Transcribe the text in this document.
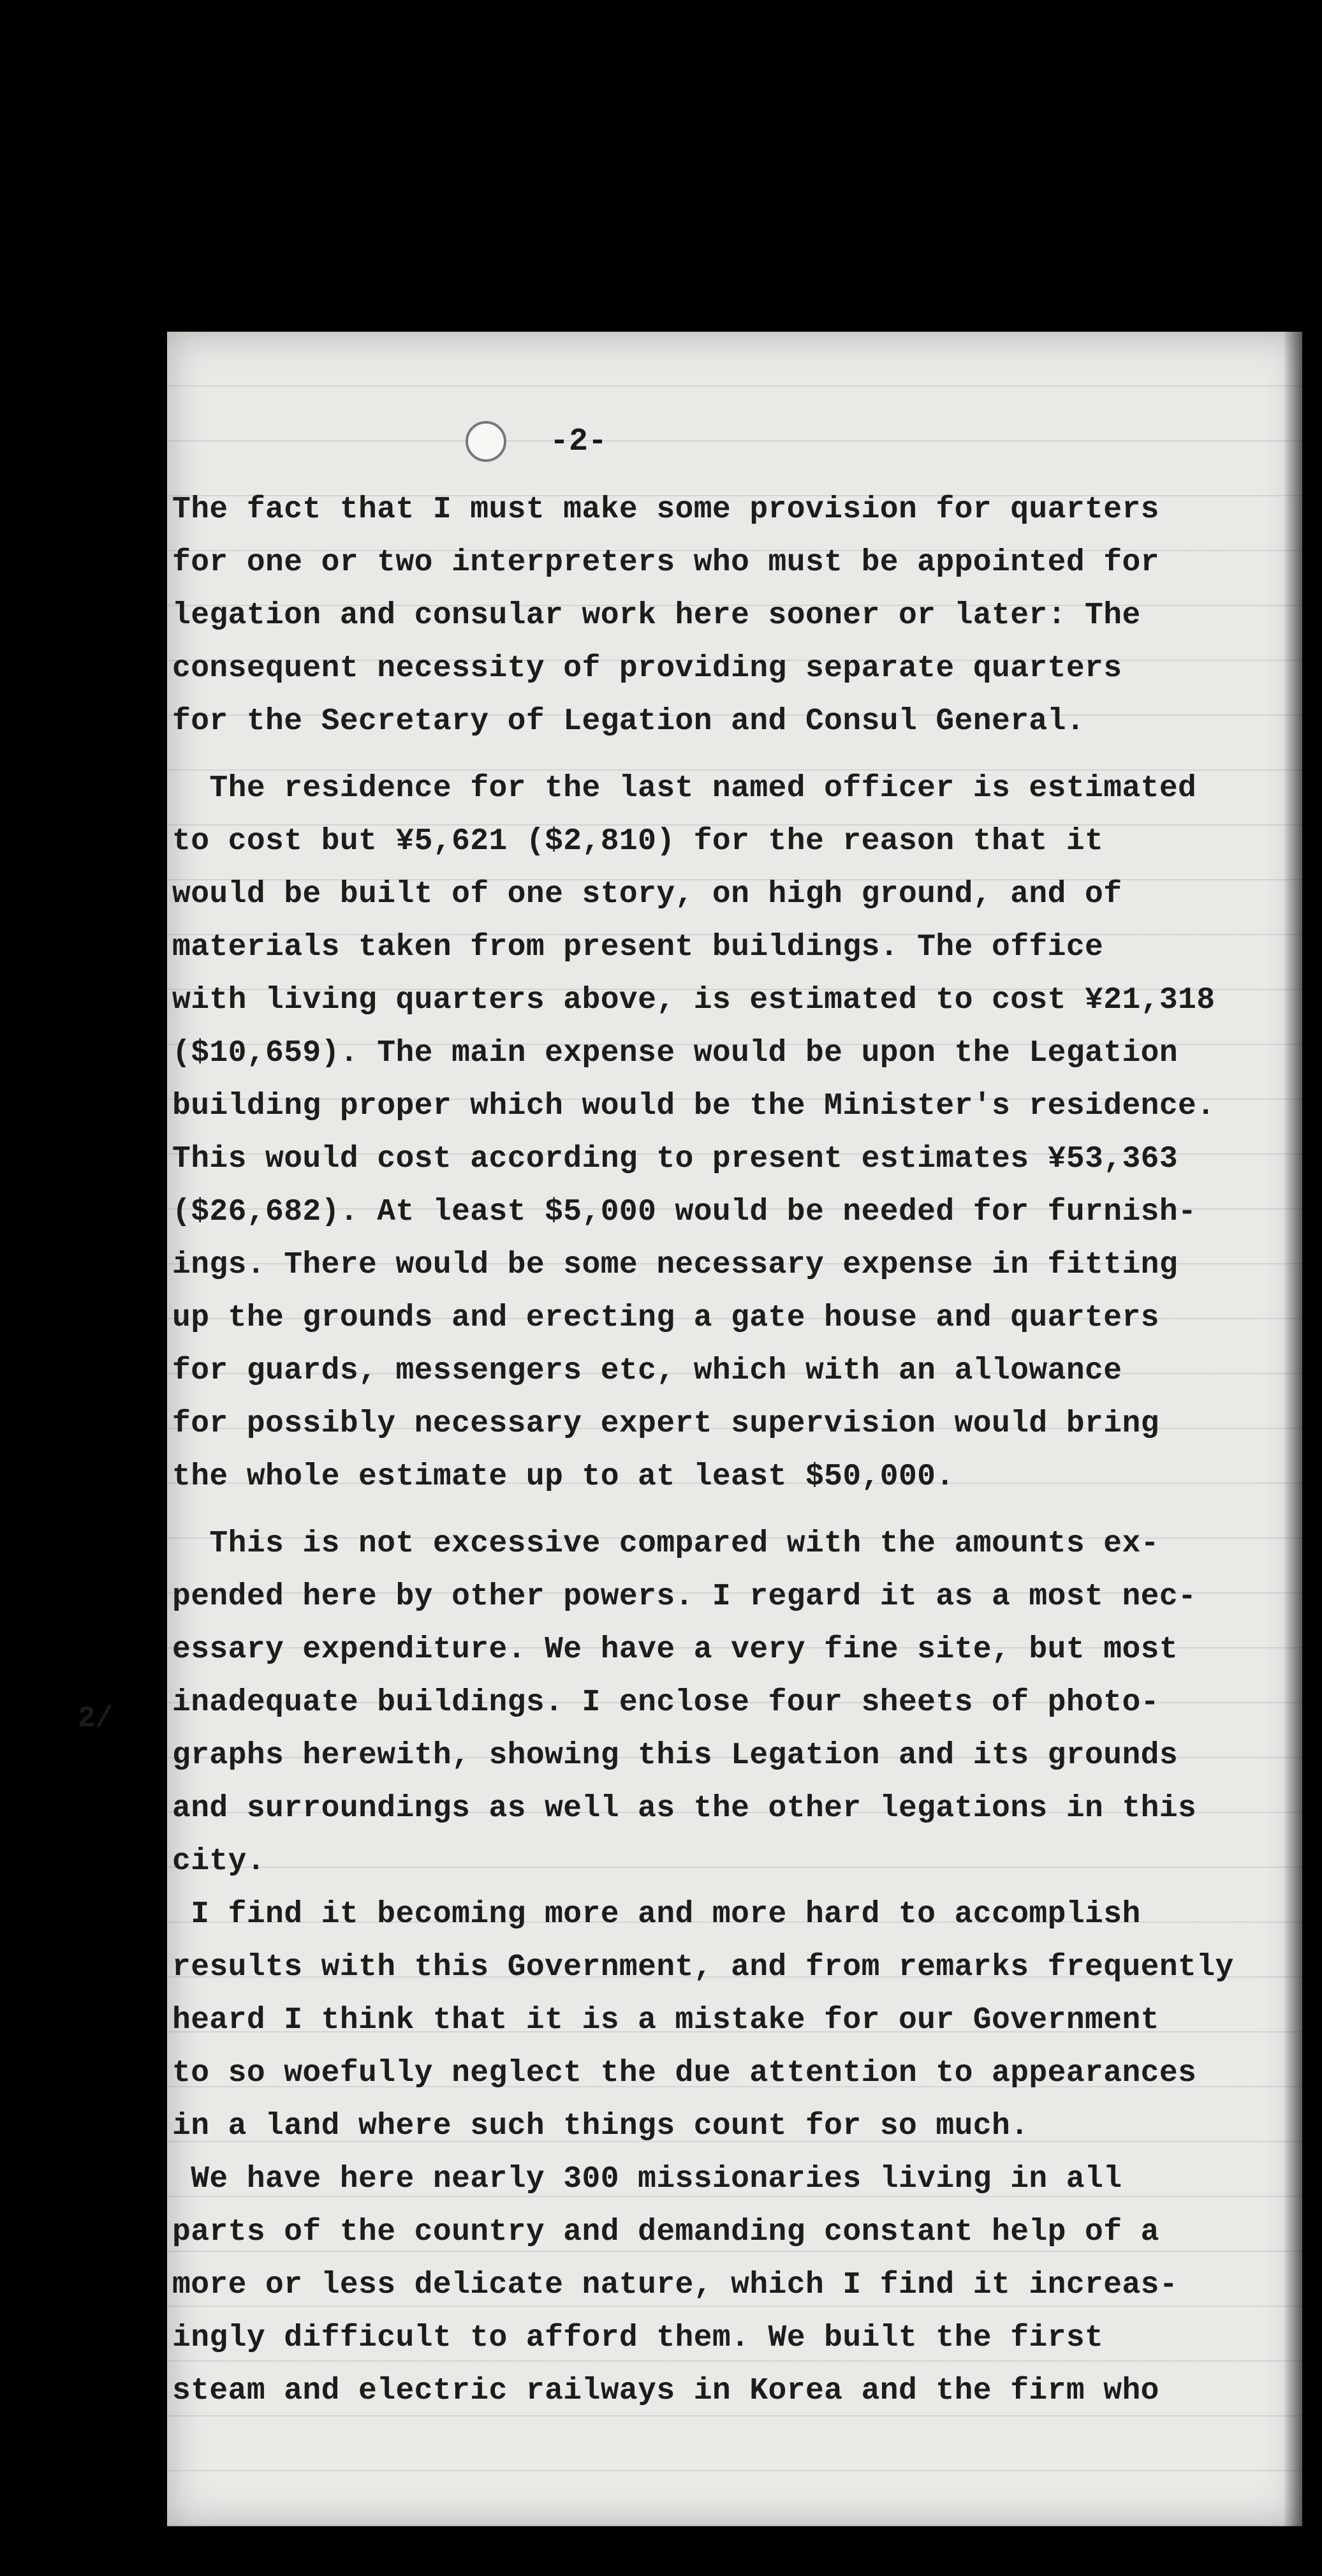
-2-
2/
The fact that I must make some provision for quarters
for one or two interpreters who must be appointed for
legation and consular work here sooner or later: The
consequent necessity of providing separate quarters
for the Secretary of Legation and Consul General.
The residence for the last named officer is estimated
to cost but ¥5,621 ($2,810) for the reason that it
would be built of one story, on high ground, and of
materials taken from present buildings. The office
with living quarters above, is estimated to cost ¥21,318
($10,659). The main expense would be upon the Legation
building proper which would be the Minister's residence.
This would cost according to present estimates ¥53,363
($26,682). At least $5,000 would be needed for furnish-
ings. There would be some necessary expense in fitting
up the grounds and erecting a gate house and quarters
for guards, messengers etc, which with an allowance
for possibly necessary expert supervision would bring
the whole estimate up to at least $50,000.
This is not excessive compared with the amounts ex-
pended here by other powers. I regard it as a most nec-
essary expenditure. We have a very fine site, but most
inadequate buildings. I enclose four sheets of photo-
graphs herewith, showing this Legation and its grounds
and surroundings as well as the other legations in this
city.
I find it becoming more and more hard to accomplish
results with this Government, and from remarks frequently
heard I think that it is a mistake for our Government
to so woefully neglect the due attention to appearances
in a land where such things count for so much.
We have here nearly 300 missionaries living in all
parts of the country and demanding constant help of a
more or less delicate nature, which I find it increas-
ingly difficult to afford them. We built the first
steam and electric railways in Korea and the firm who
